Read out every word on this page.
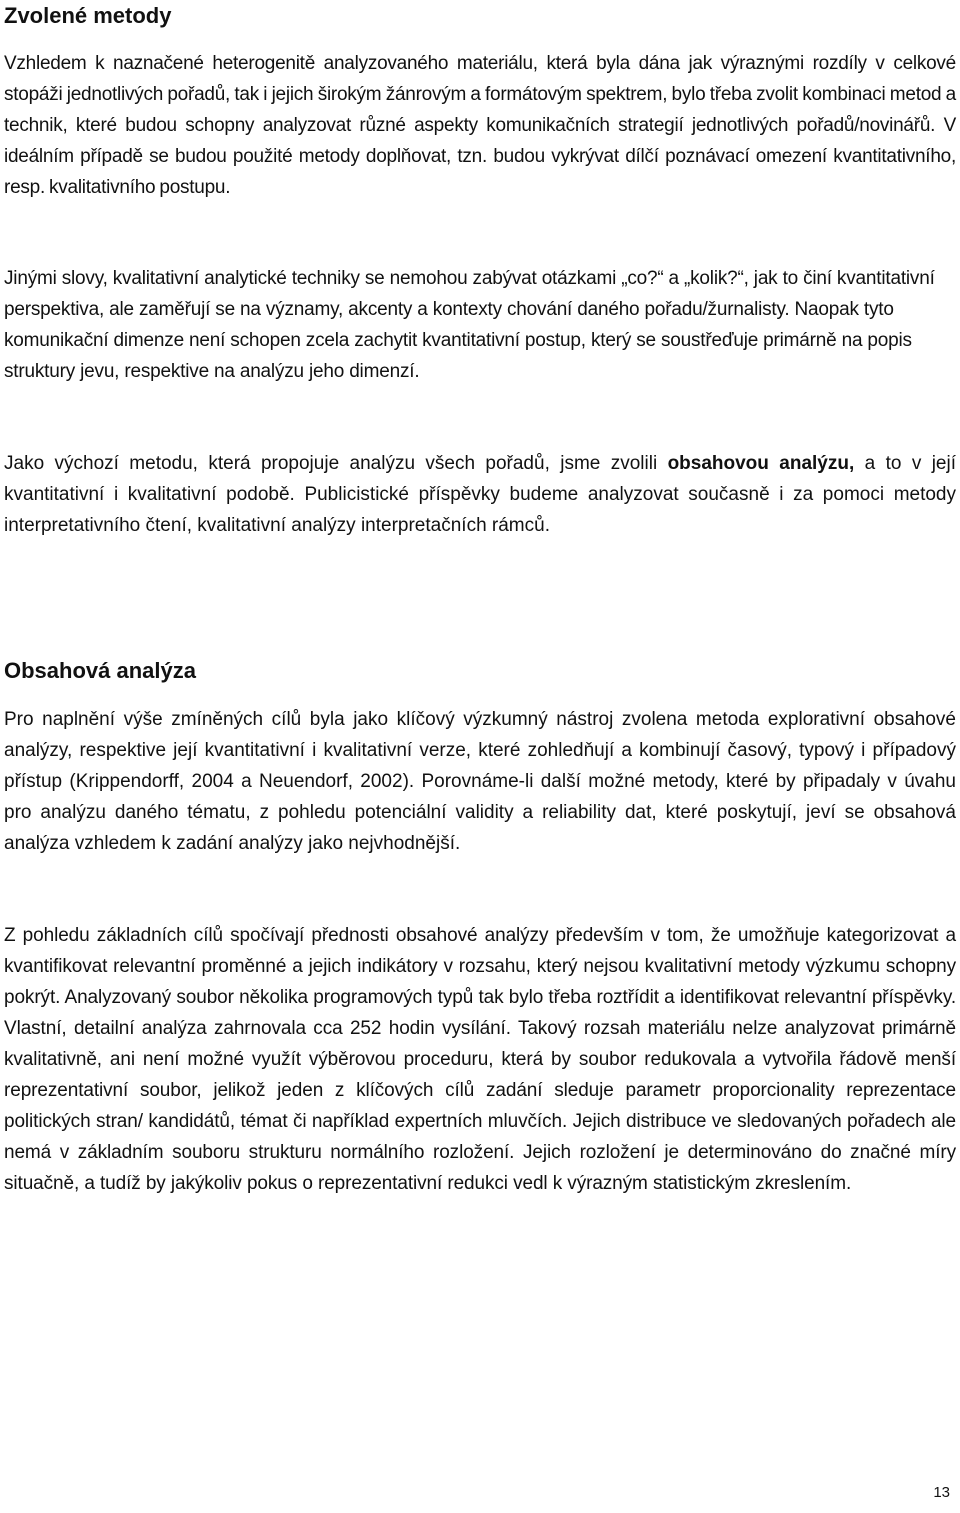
Zvolené metody

Vzhledem k naznačené heterogenitě analyzovaného materiálu, která byla dána jak výraznými rozdíly v celkové stopáži jednotlivých pořadů, tak i jejich širokým žánrovým a formátovým spektrem, bylo třeba zvolit kombinaci metod a technik, které budou schopny analyzovat různé aspekty komunikačních strategií jednotlivých pořadů/novinářů. V ideálním případě se budou použité metody doplňovat, tzn. budou vykrývat dílčí poznávací omezení kvantitativního, resp. kvalitativního postupu.

Jinými slovy, kvalitativní analytické techniky se nemohou zabývat otázkami „co?“ a „kolik?“, jak to činí kvantitativní perspektiva, ale zaměřují se na významy, akcenty a kontexty chování daného pořadu/žurnalisty. Naopak tyto komunikační dimenze není schopen zcela zachytit kvantitativní postup, který se soustřeďuje primárně na popis struktury jevu, respektive na analýzu jeho dimenzí.

Jako výchozí metodu, která propojuje analýzu všech pořadů, jsme zvolili obsahovou analýzu, a to v její kvantitativní i kvalitativní podobě. Publicistické příspěvky budeme analyzovat současně i za pomoci metody interpretativního čtení, kvalitativní analýzy interpretačních rámců.

Obsahová analýza

Pro naplnění výše zmíněných cílů byla jako klíčový výzkumný nástroj zvolena metoda explorativní obsahové analýzy, respektive její kvantitativní i kvalitativní verze, které zohledňují a kombinují časový, typový i případový přístup (Krippendorff, 2004 a Neuendorf, 2002). Porovnáme-li další možné metody, které by připadaly v úvahu pro analýzu daného tématu, z pohledu potenciální validity a reliability dat, které poskytují, jeví se obsahová analýza vzhledem k zadání analýzy jako nejvhodnější.

Z pohledu základních cílů spočívají přednosti obsahové analýzy především v tom, že umožňuje kategorizovat a kvantifikovat relevantní proměnné a jejich indikátory v rozsahu, který nejsou kvalitativní metody výzkumu schopny pokrýt. Analyzovaný soubor několika programových typů tak bylo třeba roztřídit a identifikovat relevantní příspěvky. Vlastní, detailní analýza zahrnovala cca 252 hodin vysílání. Takový rozsah materiálu nelze analyzovat primárně kvalitativně, ani není možné využít výběrovou proceduru, která by soubor redukovala a vytvořila řádově menší reprezentativní soubor, jelikož jeden z klíčových cílů zadání sleduje parametr proporcionality reprezentace politických stran/ kandidátů, témat či například expertních mluvčích. Jejich distribuce ve sledovaných pořadech ale nemá v základním souboru strukturu normálního rozložení. Jejich rozložení je determinováno do značné míry situačně, a tudíž by jakýkoliv pokus o reprezentativní redukci vedl k výrazným statistickým zkreslením.

13
